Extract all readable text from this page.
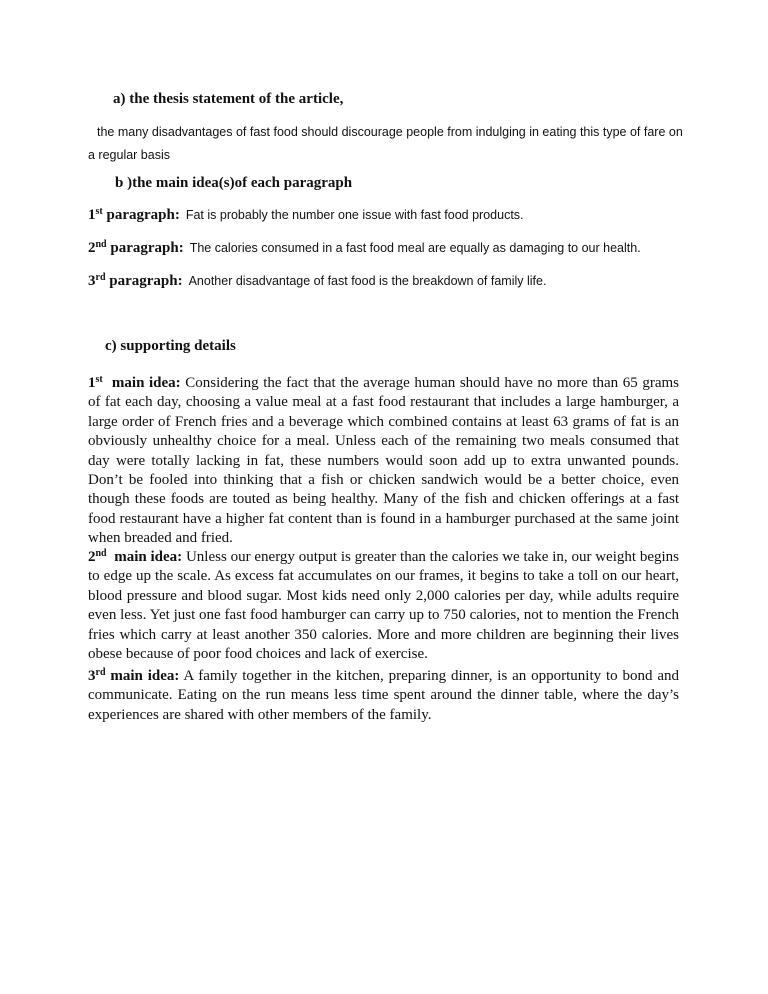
a) the thesis statement of the article,
the many disadvantages of fast food should discourage people from indulging in eating this type of fare on a regular basis
b )the main idea(s)of each paragraph
1st paragraph: Fat is probably the number one issue with fast food products.
2nd paragraph: The calories consumed in a fast food meal are equally as damaging to our health.
3rd paragraph: Another disadvantage of fast food is the breakdown of family life.
c) supporting details
1st  main idea: Considering the fact that the average human should have no more than 65 grams of fat each day, choosing a value meal at a fast food restaurant that includes a large hamburger, a large order of French fries and a beverage which combined contains at least 63 grams of fat is an obviously unhealthy choice for a meal. Unless each of the remaining two meals consumed that day were totally lacking in fat, these numbers would soon add up to extra unwanted pounds. Don’t be fooled into thinking that a fish or chicken sandwich would be a better choice, even though these foods are touted as being healthy. Many of the fish and chicken offerings at a fast food restaurant have a higher fat content than is found in a hamburger purchased at the same joint when breaded and fried.
2nd  main idea: Unless our energy output is greater than the calories we take in, our weight begins to edge up the scale. As excess fat accumulates on our frames, it begins to take a toll on our heart, blood pressure and blood sugar. Most kids need only 2,000 calories per day, while adults require even less. Yet just one fast food hamburger can carry up to 750 calories, not to mention the French fries which carry at least another 350 calories. More and more children are beginning their lives obese because of poor food choices and lack of exercise.
3rd main idea: A family together in the kitchen, preparing dinner, is an opportunity to bond and communicate. Eating on the run means less time spent around the dinner table, where the day’s experiences are shared with other members of the family.
